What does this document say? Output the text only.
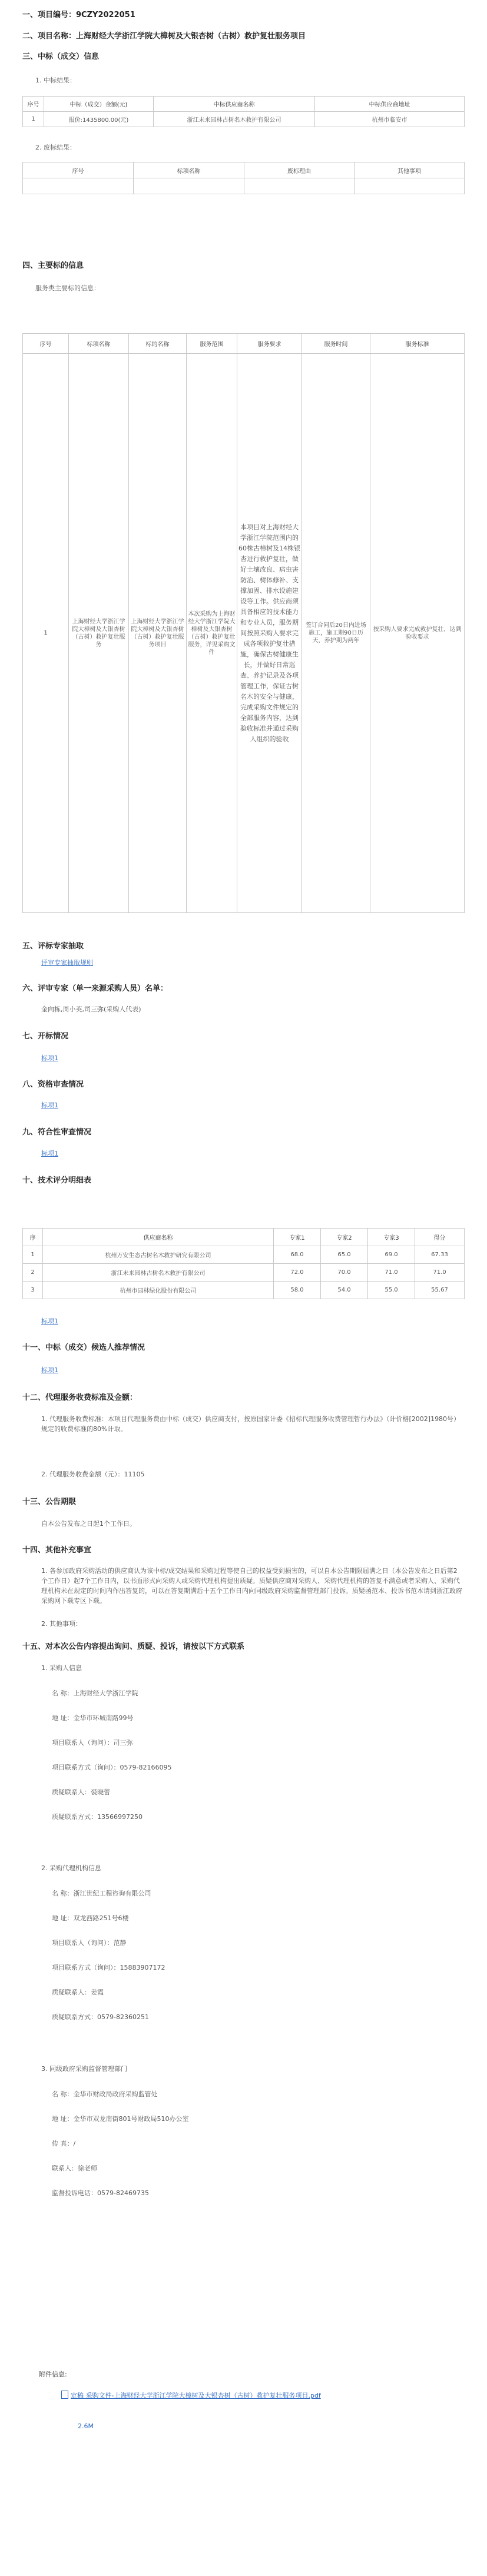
一、项目编号：9CZY2022051
二、项目名称：上海财经大学浙江学院大樟树及大银杏树（古树）救护复壮服务项目
三、中标（成交）信息
1. 中标结果：
序号	中标（成交）金额(元)	中标供应商名称	中标供应商地址
1	报价:1435800.00(元)	浙江未来园林古树名木救护有限公司	杭州市临安市
2. 废标结果：
序号	标项名称	废标理由	其他事项

四、主要标的信息
服务类主要标的信息：
序号	标项名称	标的名称	服务范围	服务要求	服务时间	服务标准
1	上海财经大学浙江学院大樟树及大银杏树（古树）救护复壮服务	上海财经大学浙江学院大樟树及大银杏树（古树）救护复壮服务项目	本次采购为上海财经大学浙江学院大樟树及大银杏树（古树）救护复壮服务，详见采购文件	本项目对上海财经大学浙江学院范围内的60株古樟树及14株银杏进行救护复壮，做好土壤改良、病虫害防治、树体修补、支撑加固、排水设施建设等工作。供应商须具备相应的技术能力和专业人员，服务期间按照采购人要求完成各项救护复壮措施，确保古树健康生长，并做好日常巡查、养护记录及各项管理工作，保证古树名木的安全与健康，完成采购文件规定的全部服务内容，达到验收标准并通过采购人组织的验收	签订合同后20日内进场施工，施工期90日历天，养护期为两年	按采购人要求完成救护复壮，达到验收要求
五、评标专家抽取
评审专家抽取规则
六、评审专家（单一来源采购人员）名单：
金向栋,周小英,司三弥(采购人代表)
七、开标情况
标项1
八、资格审查情况
标项1
九、符合性审查情况
标项1
十、技术评分明细表
序	供应商名称	专家1	专家2	专家3	得分
1	杭州万安生态古树名木救护研究有限公司	68.0	65.0	69.0	67.33
2	浙江未来园林古树名木救护有限公司	72.0	70.0	71.0	71.0
3	杭州市园林绿化股份有限公司	58.0	54.0	55.0	55.67
标项1
十一、中标（成交）候选人推荐情况
标项1
十二、代理服务收费标准及金额：
1. 代理服务收费标准：本项目代理服务费由中标（成交）供应商支付，按原国家计委《招标代理服务收费管理暂行办法》（计价格[2002]1980号）规定的收费标准的80%计取。
2. 代理服务收费金额（元）：11105
十三、公告期限
自本公告发布之日起1个工作日。
十四、其他补充事宜
1. 各参加政府采购活动的供应商认为该中标/成交结果和采购过程等使自己的权益受到损害的，可以自本公告期限届满之日（本公告发布之日后第2个工作日）起7个工作日内，以书面形式向采购人或采购代理机构提出质疑。质疑供应商对采购人、采购代理机构的答复不满意或者采购人、采购代理机构未在规定的时间内作出答复的，可以在答复期满后十五个工作日内向同级政府采购监督管理部门投诉。质疑函范本、投诉书范本请到浙江政府采购网下载专区下载。
2. 其他事项：
十五、对本次公告内容提出询问、质疑、投诉，请按以下方式联系
1. 采购人信息
名 称：上海财经大学浙江学院
地 址：金华市环城南路99号
项目联系人（询问）：司三弥
项目联系方式（询问）：0579-82166095
质疑联系人：裘晓蕾
质疑联系方式：13566997250
2. 采购代理机构信息
名 称：浙江世纪工程咨询有限公司
地 址：双龙西路251号6楼
项目联系人（询问）：范静
项目联系方式（询问）：15883907172
质疑联系人：姜霞
质疑联系方式：0579-82360251
3. 同级政府采购监督管理部门
名 称：金华市财政局政府采购监管处
地 址：金华市双龙南街801号财政局510办公室
传 真：/
联系人：徐老师
监督投诉电话：0579-82469735
附件信息:
定稿 采购文件-上海财经大学浙江学院大樟树及大银杏树（古树）救护复壮服务项目.pdf
2.6M
